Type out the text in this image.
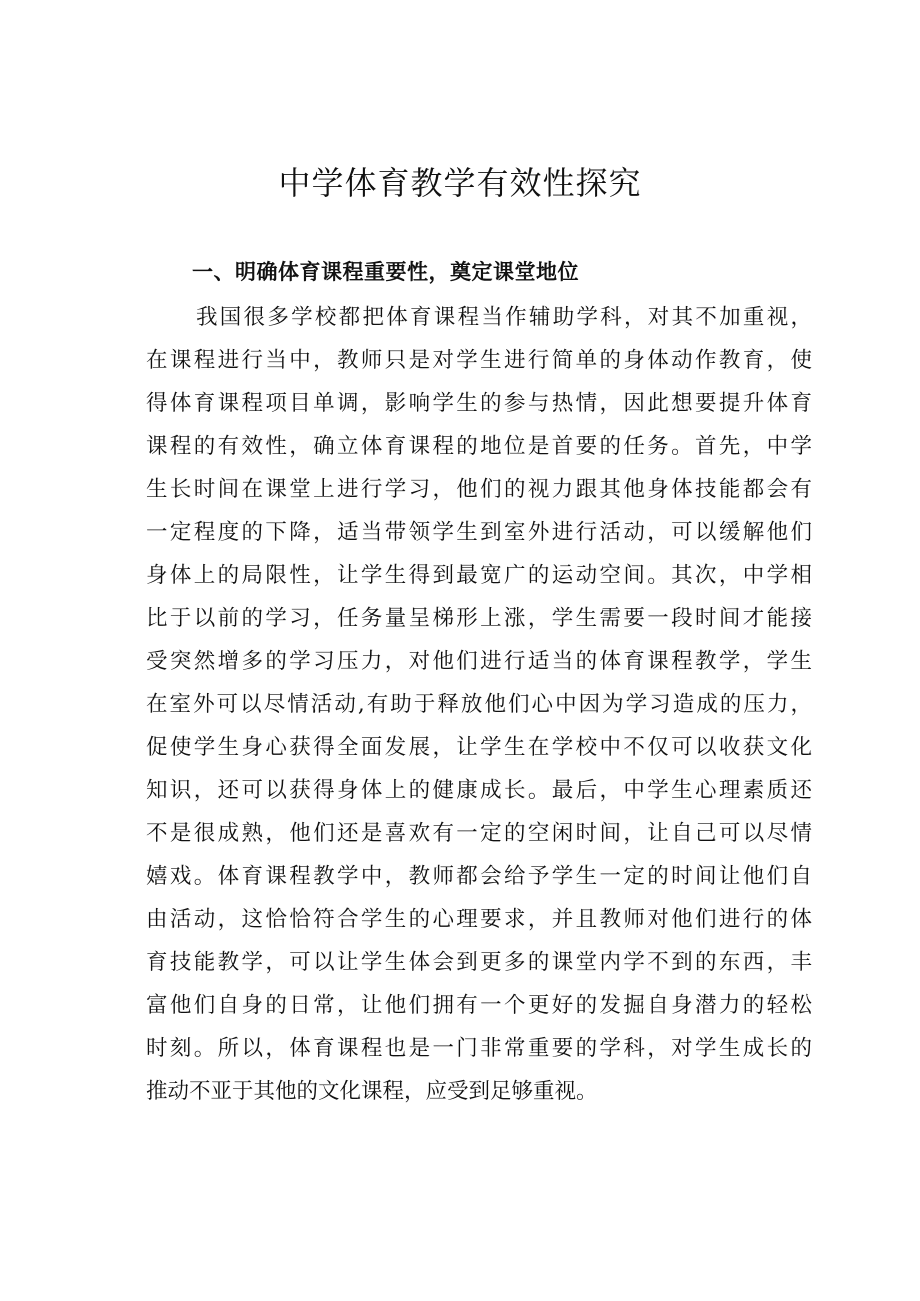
中学体育教学有效性探究
一、明确体育课程重要性，奠定课堂地位
我国很多学校都把体育课程当作辅助学科，对其不加重视，
在课程进行当中，教师只是对学生进行简单的身体动作教育，使
得体育课程项目单调，影响学生的参与热情，因此想要提升体育
课程的有效性，确立体育课程的地位是首要的任务。首先，中学
生长时间在课堂上进行学习，他们的视力跟其他身体技能都会有
一定程度的下降，适当带领学生到室外进行活动，可以缓解他们
身体上的局限性，让学生得到最宽广的运动空间。其次，中学相
比于以前的学习，任务量呈梯形上涨，学生需要一段时间才能接
受突然增多的学习压力，对他们进行适当的体育课程教学，学生
在室外可以尽情活动,有助于释放他们心中因为学习造成的压力，
促使学生身心获得全面发展，让学生在学校中不仅可以收获文化
知识，还可以获得身体上的健康成长。最后，中学生心理素质还
不是很成熟，他们还是喜欢有一定的空闲时间，让自己可以尽情
嬉戏。体育课程教学中，教师都会给予学生一定的时间让他们自
由活动，这恰恰符合学生的心理要求，并且教师对他们进行的体
育技能教学，可以让学生体会到更多的课堂内学不到的东西，丰
富他们自身的日常，让他们拥有一个更好的发掘自身潜力的轻松
时刻。所以，体育课程也是一门非常重要的学科，对学生成长的
推动不亚于其他的文化课程，应受到足够重视。
